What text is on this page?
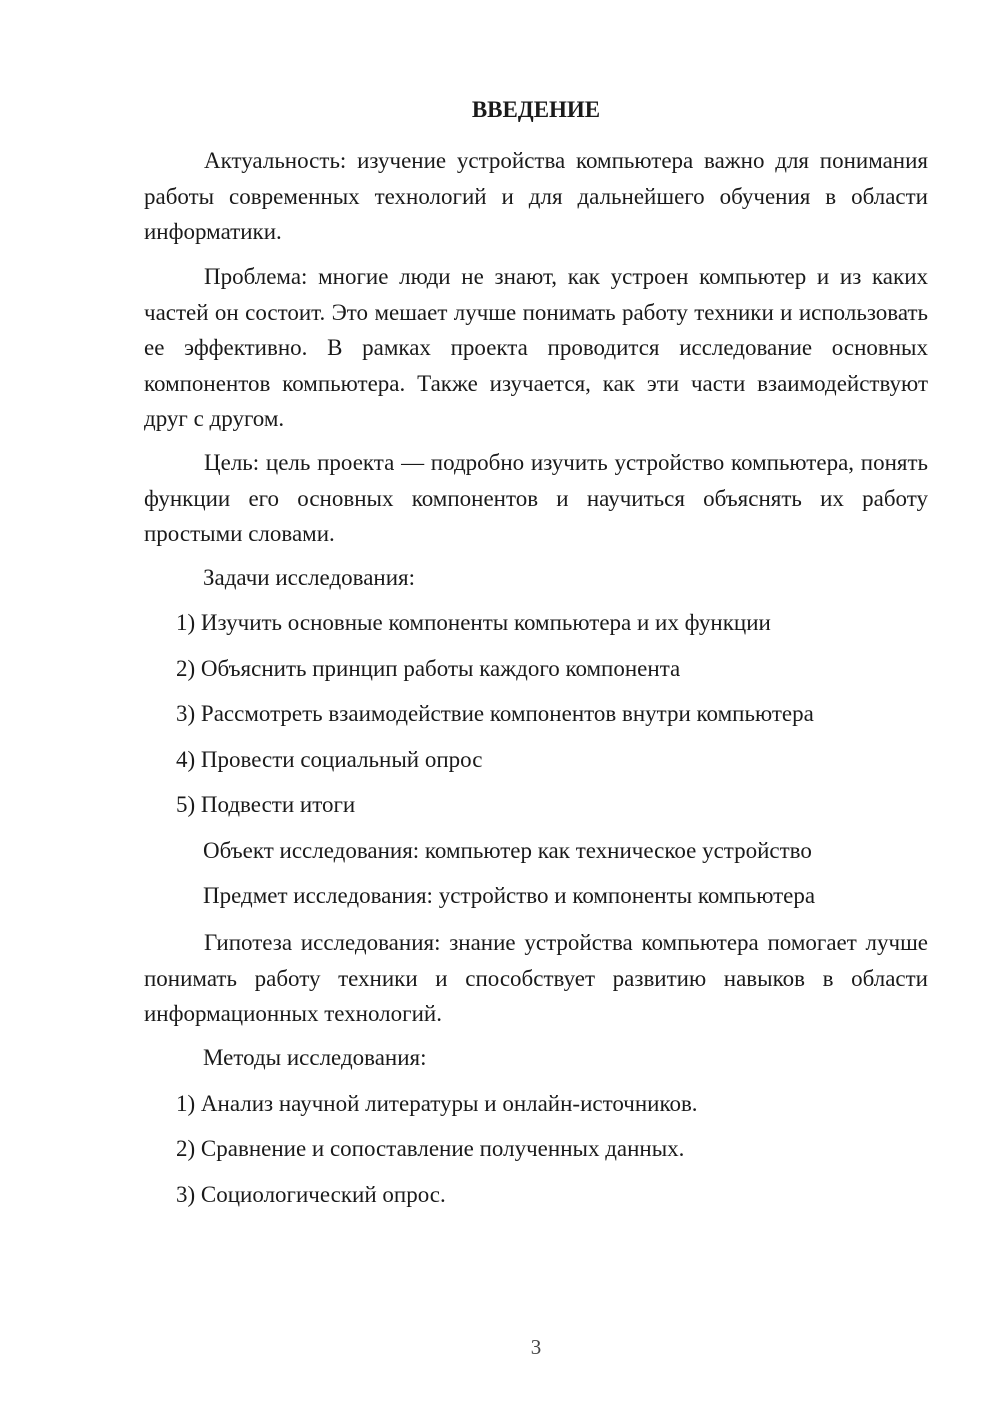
ВВЕДЕНИЕ

Актуальность: изучение устройства компьютера важно для понимания работы современных технологий и для дальнейшего обучения в области информатики.

Проблема: многие люди не знают, как устроен компьютер и из каких частей он состоит. Это мешает лучше понимать работу техники и использовать ее эффективно. В рамках проекта проводится исследование основных компонентов компьютера. Также изучается, как эти части взаимодействуют друг с другом.

Цель: цель проекта — подробно изучить устройство компьютера, понять функции его основных компонентов и научиться объяснять их работу простыми словами.

Задачи исследования:

1) Изучить основные компоненты компьютера и их функции

2) Объяснить принцип работы каждого компонента

3) Рассмотреть взаимодействие компонентов внутри компьютера

4) Провести социальный опрос

5) Подвести итоги

Объект исследования: компьютер как техническое устройство

Предмет исследования: устройство и компоненты компьютера

Гипотеза исследования: знание устройства компьютера помогает лучше понимать работу техники и способствует развитию навыков в области информационных технологий.

Методы исследования:

1) Анализ научной литературы и онлайн-источников.

2) Сравнение и сопоставление полученных данных.

3) Социологический опрос.

3
